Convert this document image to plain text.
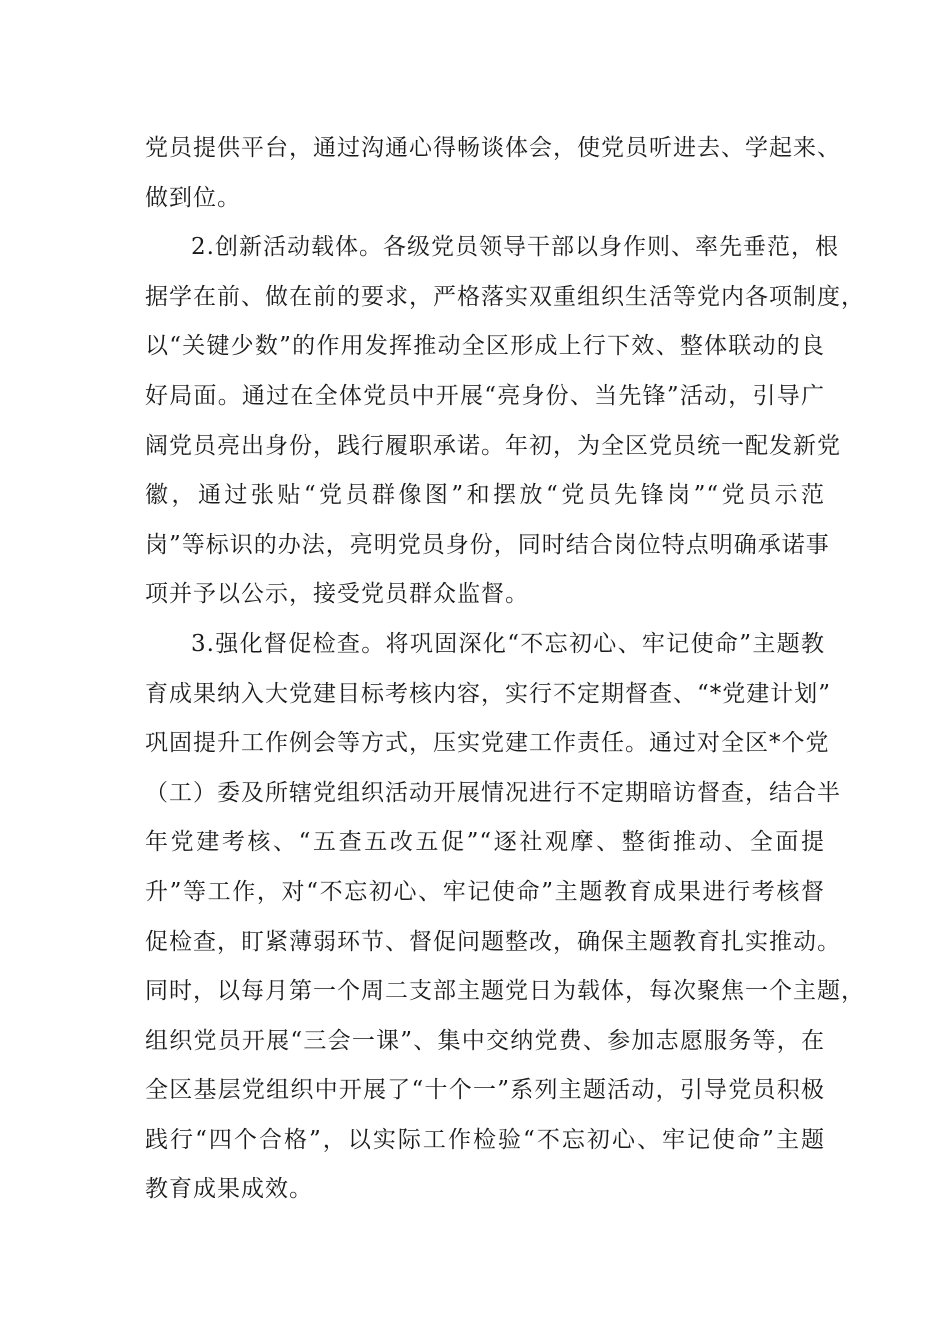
党员提供平台，通过沟通心得畅谈体会，使党员听进去、学起来、
做到位。
2.创新活动载体。各级党员领导干部以身作则、率先垂范，根
据学在前、做在前的要求，严格落实双重组织生活等党内各项制度，
以“关键少数”的作用发挥推动全区形成上行下效、整体联动的良
好局面。通过在全体党员中开展“亮身份、当先锋”活动，引导广
阔党员亮出身份，践行履职承诺。年初，为全区党员统一配发新党
徽，通过张贴“党员群像图”和摆放“党员先锋岗”“党员示范
岗”等标识的办法，亮明党员身份，同时结合岗位特点明确承诺事
项并予以公示，接受党员群众监督。
3.强化督促检查。将巩固深化“不忘初心、牢记使命”主题教
育成果纳入大党建目标考核内容，实行不定期督查、“*党建计划”
巩固提升工作例会等方式，压实党建工作责任。通过对全区*个党
（工）委及所辖党组织活动开展情况进行不定期暗访督查，结合半
年党建考核、“五查五改五促”“逐社观摩、整街推动、全面提
升”等工作，对“不忘初心、牢记使命”主题教育成果进行考核督
促检查，盯紧薄弱环节、督促问题整改，确保主题教育扎实推动。
同时，以每月第一个周二支部主题党日为载体，每次聚焦一个主题，
组织党员开展“三会一课”、集中交纳党费、参加志愿服务等，在
全区基层党组织中开展了“十个一”系列主题活动，引导党员积极
践行“四个合格”，以实际工作检验“不忘初心、牢记使命”主题
教育成果成效。
